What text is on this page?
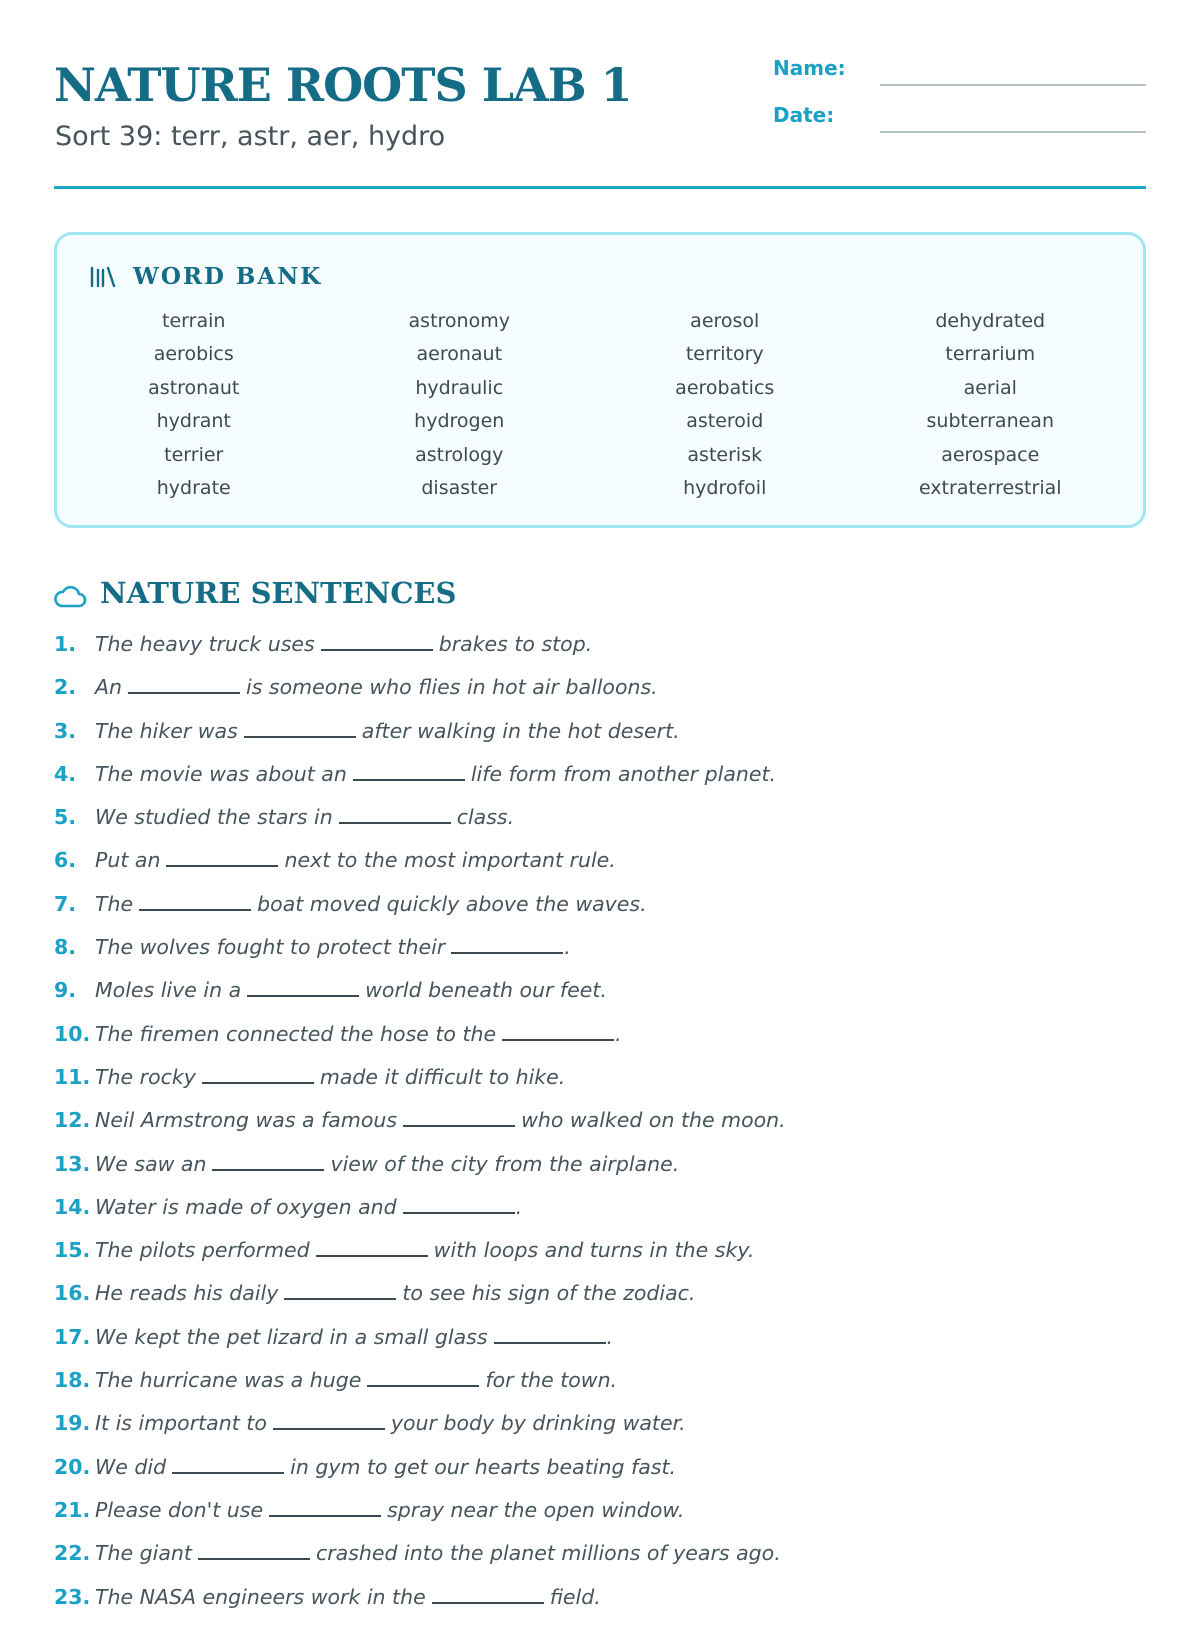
NATURE ROOTS LAB 1
Sort 39: terr, astr, aer, hydro
Name:
Date:
WORD BANK
terrain	astronomy	aerosol	dehydrated
aerobics	aeronaut	territory	terrarium
astronaut	hydraulic	aerobatics	aerial
hydrant	hydrogen	asteroid	subterranean
terrier	astrology	asterisk	aerospace
hydrate	disaster	hydrofoil	extraterrestrial
NATURE SENTENCES
1. The heavy truck uses	brakes to stop.
2. An	is someone who flies in hot air balloons.
3. The hiker was	after walking in the hot desert.
4. The movie was about an	life form from another planet.
5. We studied the stars in	class.
6. Put an	next to the most important rule.
7. The	boat moved quickly above the waves.
8. The wolves fought to protect their	.
9. Moles live in a	world beneath our feet.
10. The firemen connected the hose to the	.
11. The rocky	made it difficult to hike.
12. Neil Armstrong was a famous	who walked on the moon.
13. We saw an	view of the city from the airplane.
14. Water is made of oxygen and	.
15. The pilots performed	with loops and turns in the sky.
16. He reads his daily	to see his sign of the zodiac.
17. We kept the pet lizard in a small glass	.
18. The hurricane was a huge	for the town.
19. It is important to	your body by drinking water.
20. We did	in gym to get our hearts beating fast.
21. Please don't use	spray near the open window.
22. The giant	crashed into the planet millions of years ago.
23. The NASA engineers work in the	field.
